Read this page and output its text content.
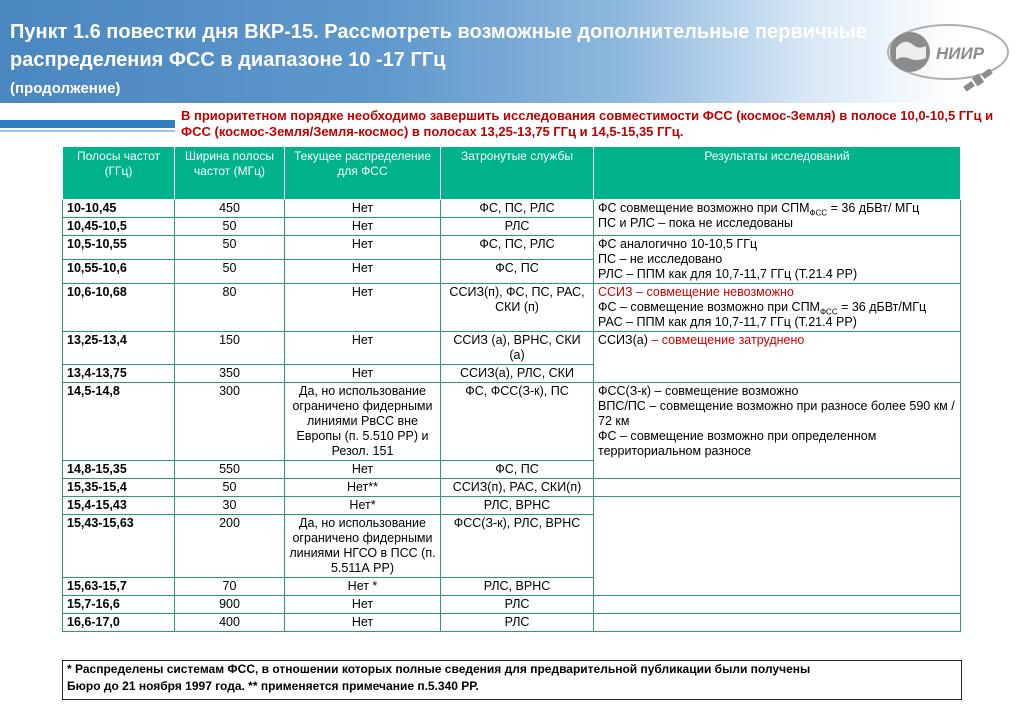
Пункт 1.6 повестки дня ВКР-15. Рассмотреть возможные дополнительные первичные распределения ФСС в диапазоне 10 -17 ГГц
(продолжение)
НИИР
В приоритетном порядке необходимо завершить исследования совместимости ФСС (космос-Земля) в полосе 10,0-10,5 ГГц и ФСС (космос-Земля/Земля-космос) в полосах 13,25-13,75 ГГц и 14,5-15,35 ГГц.
Полосы частот (ГГц)	Ширина полосы частот (МГц)	Текущее распределение для ФСС	Затронутые службы	Результаты исследований
10-10,45	450	Нет	ФС, ПС, РЛС	ФС совмещение возможно при $СПМ_{ФСС} = 36$ дБВт/ МГц
ПС и РЛС – пока не исследованы
10,45-10,5	50	Нет	РЛС	
10,5-10,55	50	Нет	ФС, ПС, РЛС	ФС аналогично 10-10,5 ГГц
ПС – не исследовано
РЛС – ППМ как для 10,7-11,7 ГГц (Т.21.4 РР)
10,55-10,6	50	Нет	ФС, ПС	
10,6-10,68	80	Нет	ССИЗ(п), ФС, ПС, РАС, СКИ (п)	ССИЗ – совмещение невозможно
ФС – совмещение возможно при $СПМ_{ФСС} = 36$ дБВт/МГц
РАС – ППМ как для 10,7-11,7 ГГц (Т.21.4 РР)
13,25-13,4	150	Нет	ССИЗ (а), ВРНС, СКИ (а)	ССИЗ(а) – совмещение затруднено
13,4-13,75	350	Нет	ССИЗ(а), РЛС, СКИ	
14,5-14,8	300	Да, но использование ограничено фидерными линиями РвСС вне Европы (п. 5.510 РР) и Резол. 151	ФС, ФСС(З-к), ПС	ФСС(З-к) – совмещение возможно
ВПС/ПС – совмещение возможно при разносе более 590 км / 72 км
ФС – совмещение возможно при определенном территориальном разносе
14,8-15,35	550	Нет	ФС, ПС	
15,35-15,4	50	Нет**	ССИЗ(п), РАС, СКИ(п)	
15,4-15,43	30	Нет*	РЛС, ВРНС	
15,43-15,63	200	Да, но использование ограничено фидерными линиями НГСО в ПСС (п. 5.511А РР)	ФСС(З-к), РЛС, ВРНС	
15,63-15,7	70	Нет *	РЛС, ВРНС	
15,7-16,6	900	Нет	РЛС	
16,6-17,0	400	Нет	РЛС	
* Распределены системам ФСС, в отношении которых полные сведения для предварительной публикации были получены
Бюро до 21 ноября 1997 года. ** применяется примечание п.5.340 РР.
